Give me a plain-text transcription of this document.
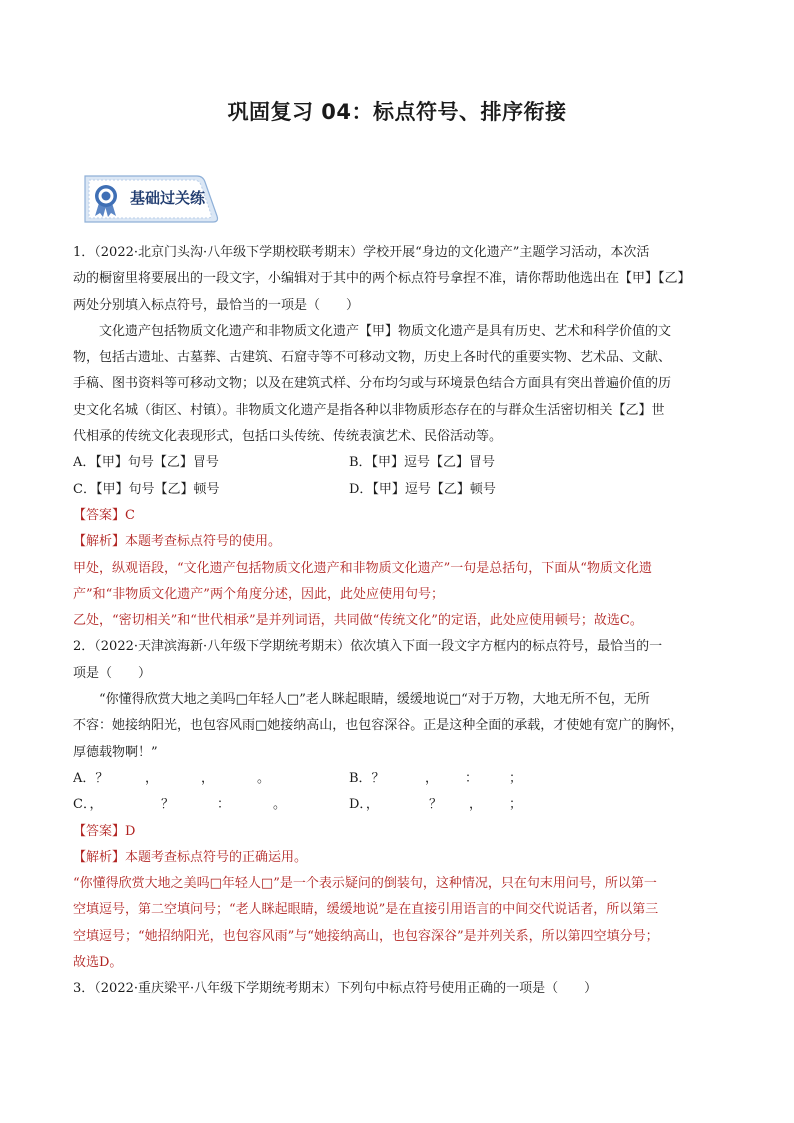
巩固复习 04：标点符号、排序衔接
基础过关练
1．（2022·北京门头沟·八年级下学期校联考期末）学校开展“身边的文化遗产”主题学习活动，本次活
动的橱窗里将要展出的一段文字，小编辑对于其中的两个标点符号拿捏不准，请你帮助他选出在【甲】【乙】
两处分别填入标点符号，最恰当的一项是（　　）
文化遗产包括物质文化遗产和非物质文化遗产【甲】物质文化遗产是具有历史、艺术和科学价值的文
物，包括古遗址、古墓葬、古建筑、石窟寺等不可移动文物，历史上各时代的重要实物、艺术品、文献、
手稿、图书资料等可移动文物；以及在建筑式样、分布均匀或与环境景色结合方面具有突出普遍价值的历
史文化名城（街区、村镇）。非物质文化遗产是指各种以非物质形态存在的与群众生活密切相关【乙】世
代相承的传统文化表现形式，包括口头传统、传统表演艺术、民俗活动等。
A．【甲】句号【乙】冒号	B．【甲】逗号【乙】冒号
C．【甲】句号【乙】顿号	D．【甲】逗号【乙】顿号
【答案】C
【解析】本题考查标点符号的使用。
甲处，纵观语段，“文化遗产包括物质文化遗产和非物质文化遗产”一句是总括句，下面从“物质文化遗
产”和“非物质文化遗产”两个角度分述，因此，此处应使用句号；
乙处，“密切相关”和“世代相承”是并列词语，共同做“传统文化”的定语，此处应使用顿号；故选C。
2．（2022·天津滨海新·八年级下学期统考期末）依次填入下面一段文字方框内的标点符号，最恰当的一
项是（　　）
“你懂得欣赏大地之美吗□年轻人□”老人眯起眼睛，缓缓地说□“对于万物，大地无所不包，无所
不容：她接纳阳光，也包容风雨□她接纳高山，也包容深谷。正是这种全面的承载，才使她有宽广的胸怀，
厚德载物啊！”
A．？	，	，	。	B．？	， ： ；
C．，	？	：	。	D．，	？ ， ；
【答案】D
【解析】本题考查标点符号的正确运用。
“你懂得欣赏大地之美吗□年轻人□”是一个表示疑问的倒装句，这种情况，只在句末用问号，所以第一
空填逗号，第二空填问号；“老人眯起眼睛，缓缓地说”是在直接引用语言的中间交代说话者，所以第三
空填逗号；“她招纳阳光，也包容风雨”与“她接纳高山，也包容深谷”是并列关系，所以第四空填分号；
故选D。
3．（2022·重庆梁平·八年级下学期统考期末）下列句中标点符号使用正确的一项是（　　）
